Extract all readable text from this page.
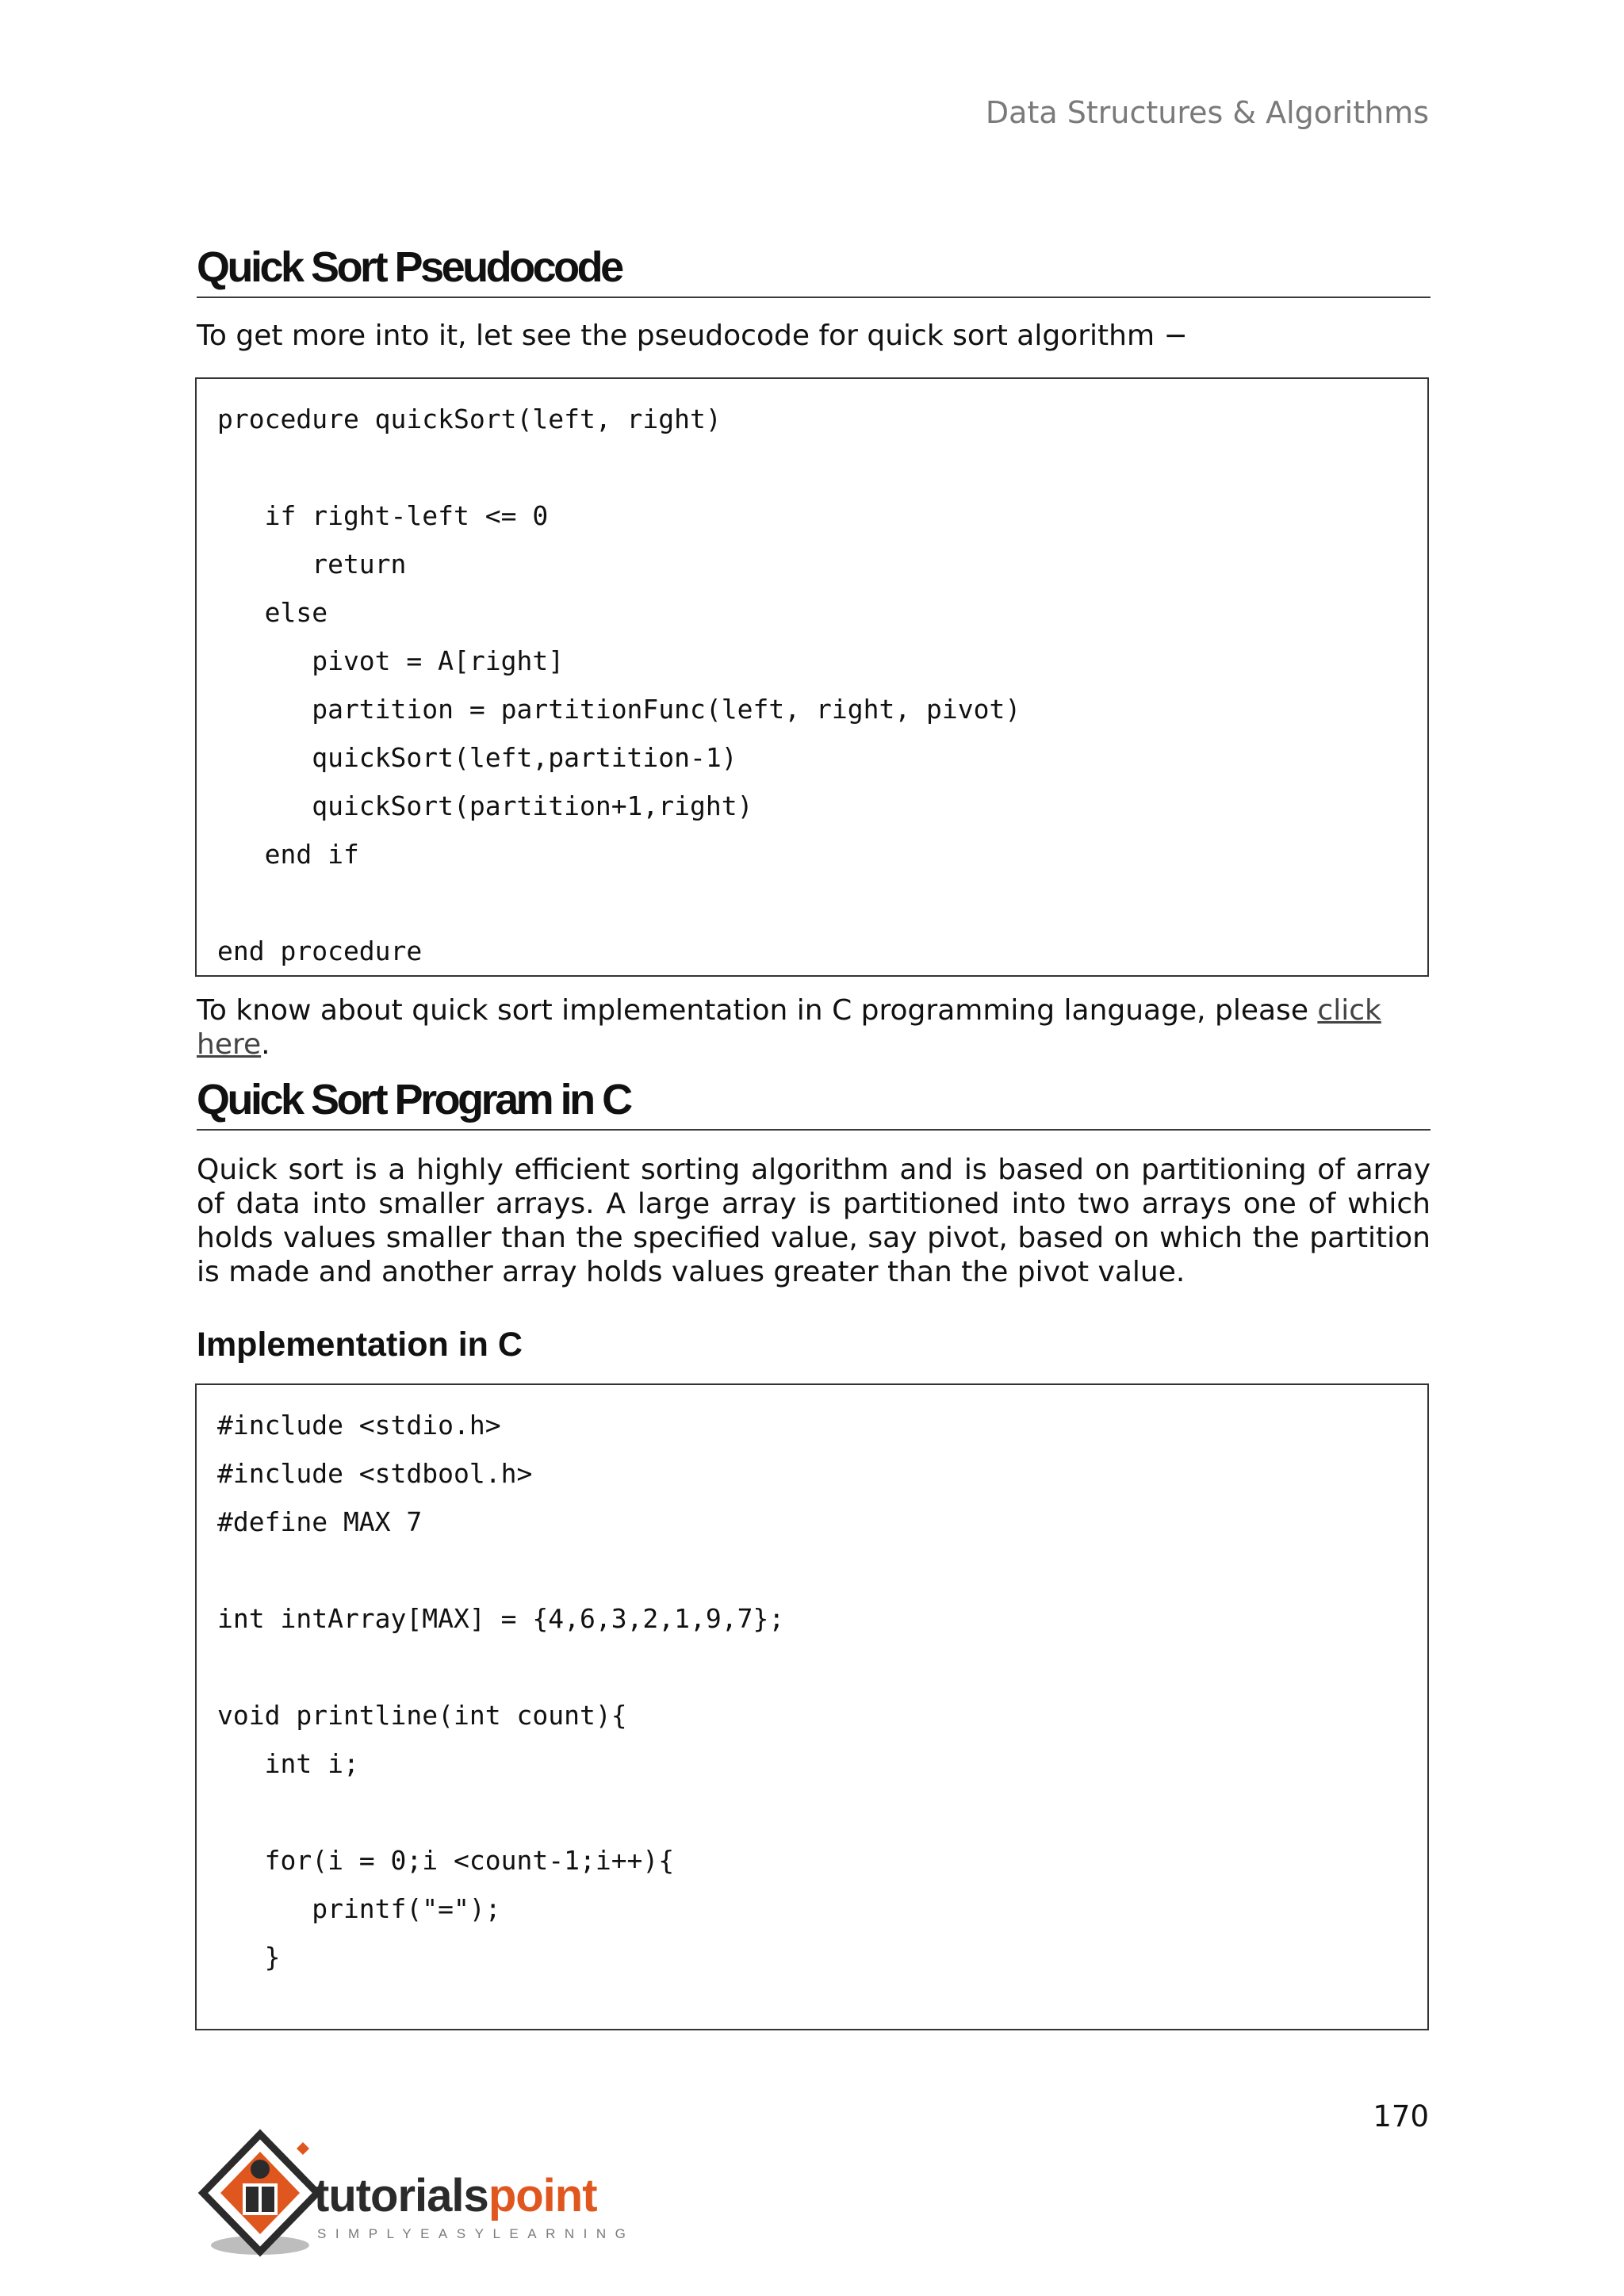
Data Structures & Algorithms
Quick Sort Pseudocode
To get more into it, let see the pseudocode for quick sort algorithm −
procedure quickSort(left, right)
if right-left <= 0
return
else
pivot = A[right]
partition = partitionFunc(left, right, pivot)
quickSort(left,partition-1)
quickSort(partition+1,right)
end if
end procedure
To know about quick sort implementation in C programming language, please click here.
Quick Sort Program in C
Quick sort is a highly efficient sorting algorithm and is based on partitioning of array of data into smaller arrays. A large array is partitioned into two arrays one of which holds values smaller than the specified value, say pivot, based on which the partition is made and another array holds values greater than the pivot value.
Implementation in C
#include <stdio.h>
#include <stdbool.h>
#define MAX 7
int intArray[MAX] = {4,6,3,2,1,9,7};
void printline(int count){
int i;
for(i = 0;i <count-1;i++){
printf("=");
}
170
tutorialspoint
SIMPLYEASYLEARNING
